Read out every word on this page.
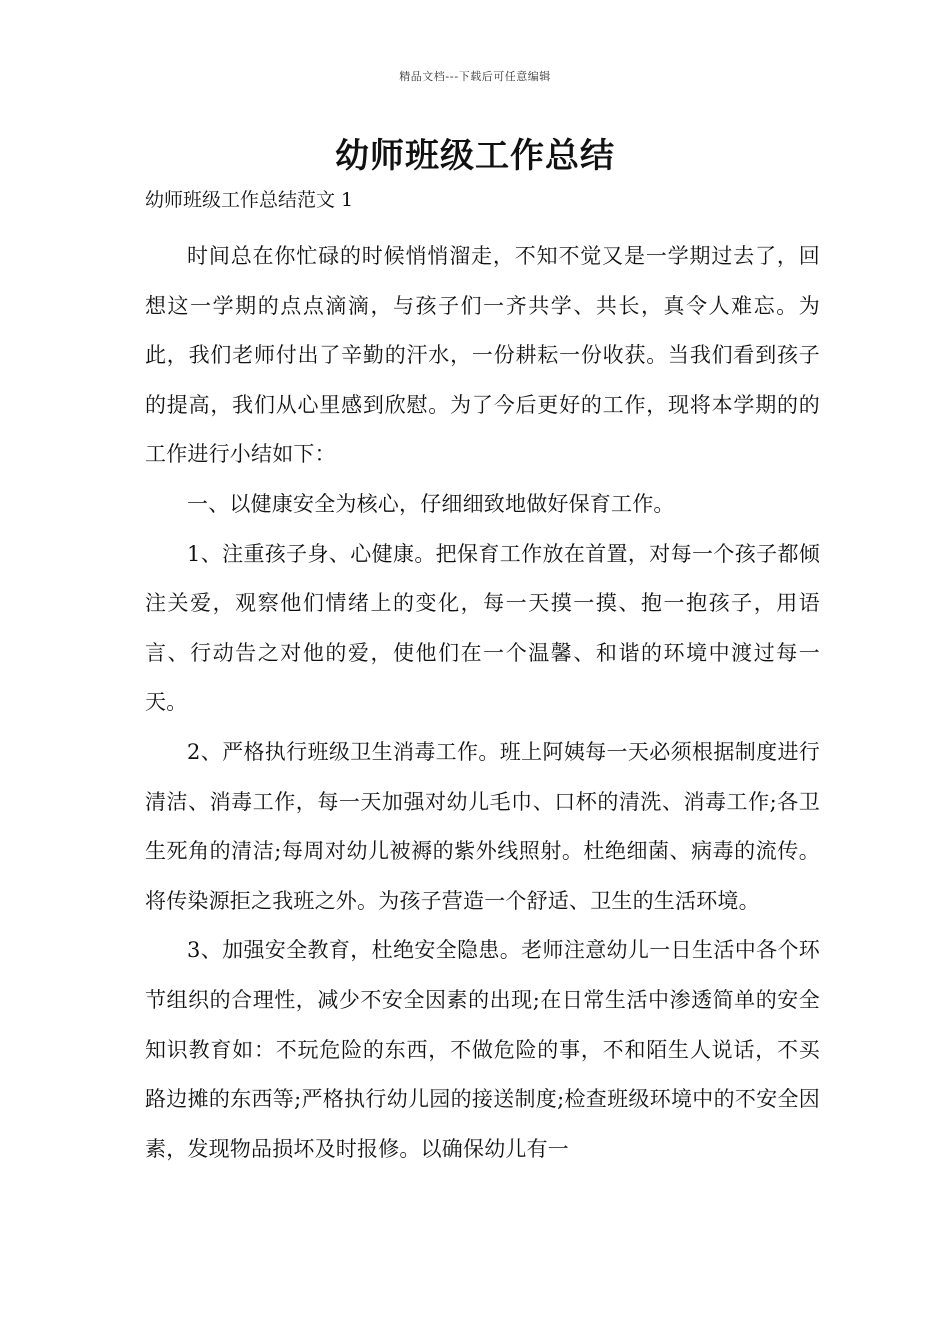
精品文档---下载后可任意编辑
幼师班级工作总结
幼师班级工作总结范文 1

时间总在你忙碌的时候悄悄溜走，不知不觉又是一学期过去了，回想这一学期的点点滴滴，与孩子们一齐共学、共长，真令人难忘。为此，我们老师付出了辛勤的汗水，一份耕耘一份收获。当我们看到孩子的提高，我们从心里感到欣慰。为了今后更好的工作，现将本学期的的工作进行小结如下：

一、以健康安全为核心，仔细细致地做好保育工作。

1、注重孩子身、心健康。把保育工作放在首置，对每一个孩子都倾注关爱，观察他们情绪上的变化，每一天摸一摸、抱一抱孩子，用语言、行动告之对他的爱，使他们在一个温馨、和谐的环境中渡过每一天。

2、严格执行班级卫生消毒工作。班上阿姨每一天必须根据制度进行清洁、消毒工作，每一天加强对幼儿毛巾、口杯的清洗、消毒工作;各卫生死角的清洁;每周对幼儿被褥的紫外线照射。杜绝细菌、病毒的流传。将传染源拒之我班之外。为孩子营造一个舒适、卫生的生活环境。

3、加强安全教育，杜绝安全隐患。老师注意幼儿一日生活中各个环节组织的合理性，减少不安全因素的出现;在日常生活中渗透简单的安全知识教育如：不玩危险的东西，不做危险的事，不和陌生人说话，不买路边摊的东西等;严格执行幼儿园的接送制度;检查班级环境中的不安全因素，发现物品损坏及时报修。以确保幼儿有一
